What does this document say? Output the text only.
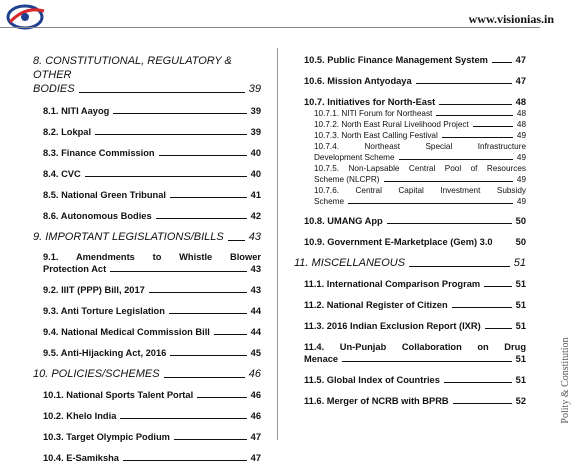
www.visionias.in
8. CONSTITUTIONAL, REGULATORY & OTHER
BODIES	39
8.1. NITI Aayog	39
8.2. Lokpal	39
8.3. Finance Commission	40
8.4. CVC	40
8.5. National Green Tribunal	41
8.6. Autonomous Bodies	42
9. IMPORTANT LEGISLATIONS/BILLS 43
9.1. Amendments to Whistle Blower
Protection Act	43
9.2. IIIT (PPP) Bill, 2017	43
9.3. Anti Torture Legislation	44
9.4. National Medical Commission Bill	44
9.5. Anti-Hijacking Act, 2016	45
10. POLICIES/SCHEMES	46
10.1. National Sports Talent Portal	46
10.2. Khelo India	46
10.3. Target Olympic Podium	47
10.4. E-Samiksha	47
10.5. Public Finance Management System	47
10.6. Mission Antyodaya	47
10.7. Initiatives for North-East	48
10.7.1. NITI Forum for Northeast	48
10.7.2. North East Rural Livelihood Project	48
10.7.3. North East Calling Festival	49
10.7.4. Northeast Special Infrastructure
Development Scheme	49
10.7.5. Non-Lapsable Central Pool of Resources
Scheme (NLCPR)	49
10.7.6. Central Capital Investment Subsidy
Scheme	49
10.8. UMANG App	50
10.9. Government E-Marketplace (Gem) 3.0 50
11. MISCELLANEOUS	51
11.1. International Comparison Program	51
11.2. National Register of Citizen	51
11.3. 2016 Indian Exclusion Report (IXR)	51
11.4. Un-Punjab Collaboration on Drug
Menace	51
11.5. Global Index of Countries	51
11.6. Merger of NCRB with BPRB	52	Polity & Constitution
